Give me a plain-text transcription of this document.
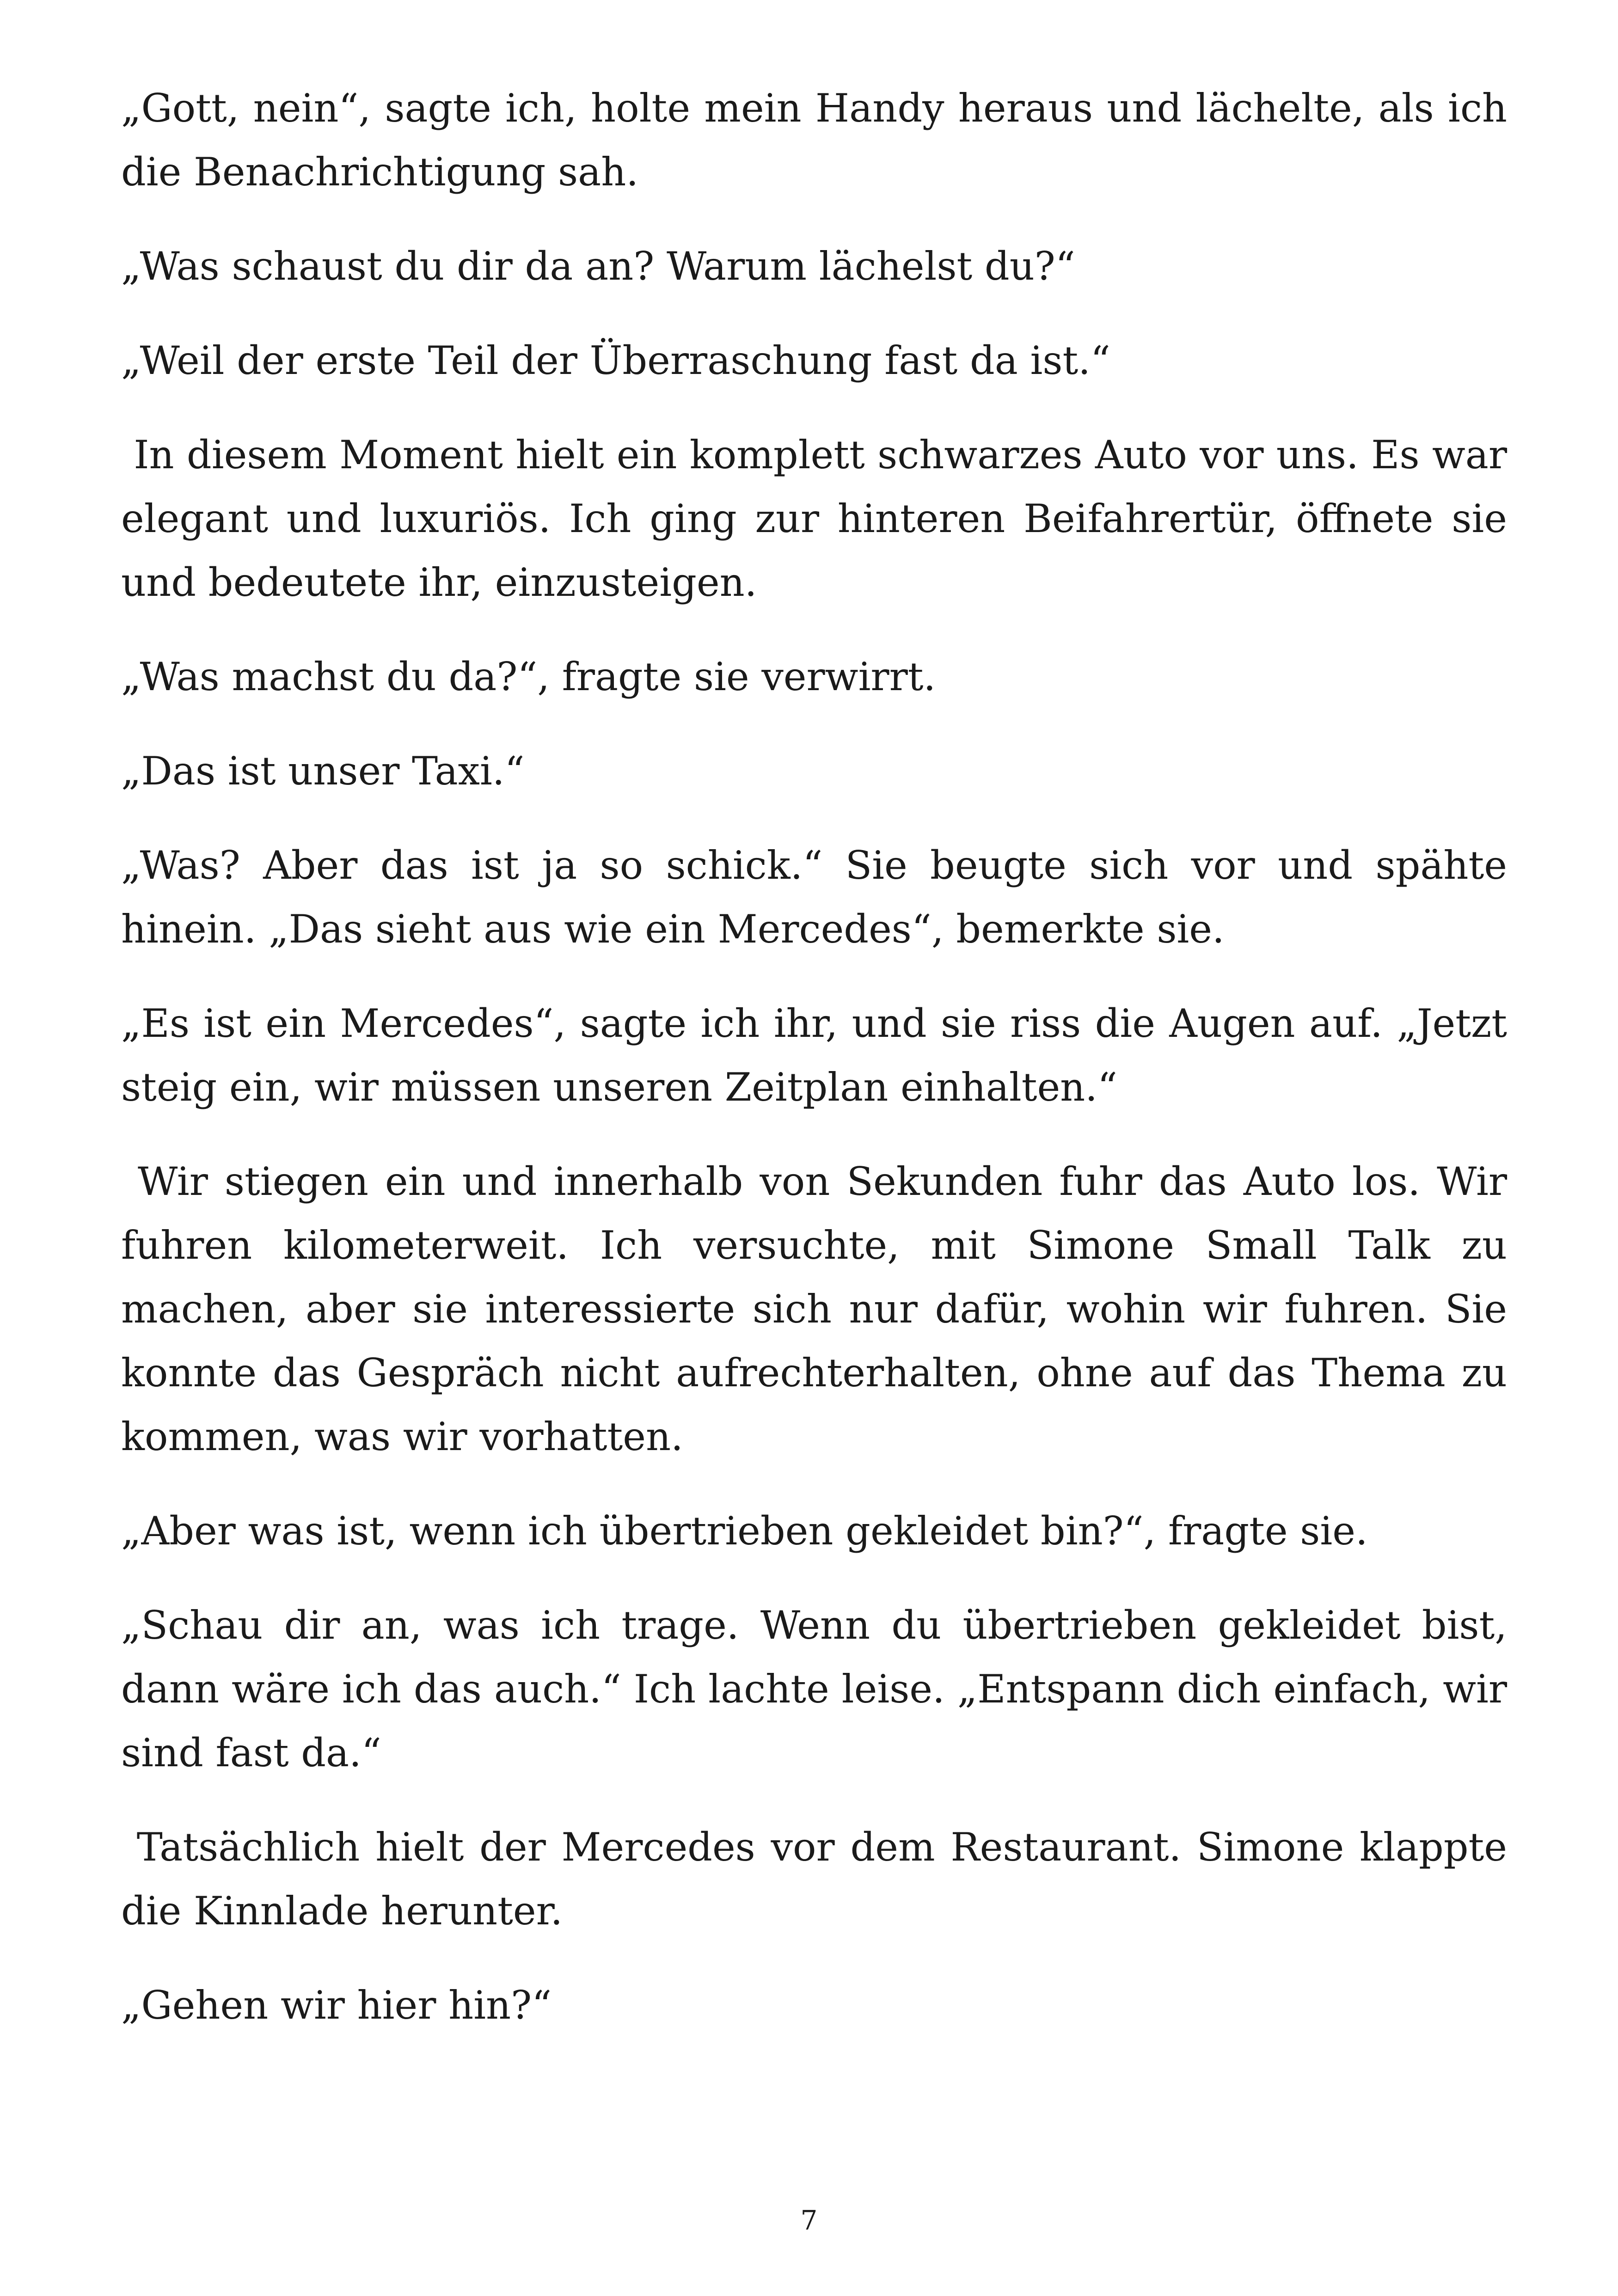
„Gott, nein“, sagte ich, holte mein Handy heraus und lächelte, als ich die Benachrichtigung sah.

„Was schaust du dir da an? Warum lächelst du?“

„Weil der erste Teil der Überraschung fast da ist.“

In diesem Moment hielt ein komplett schwarzes Auto vor uns. Es war elegant und luxuriös. Ich ging zur hinteren Beifahrertür, öffnete sie und bedeutete ihr, einzusteigen.

„Was machst du da?“, fragte sie verwirrt.

„Das ist unser Taxi.“

„Was? Aber das ist ja so schick.“ Sie beugte sich vor und spähte hinein. „Das sieht aus wie ein Mercedes“, bemerkte sie.

„Es ist ein Mercedes“, sagte ich ihr, und sie riss die Augen auf. „Jetzt steig ein, wir müssen unseren Zeitplan einhalten.“

Wir stiegen ein und innerhalb von Sekunden fuhr das Auto los. Wir fuhren kilometerweit. Ich versuchte, mit Simone Small Talk zu machen, aber sie interessierte sich nur dafür, wohin wir fuhren. Sie konnte das Gespräch nicht aufrechterhalten, ohne auf das Thema zu kommen, was wir vorhatten.

„Aber was ist, wenn ich übertrieben gekleidet bin?“, fragte sie.

„Schau dir an, was ich trage. Wenn du übertrieben gekleidet bist, dann wäre ich das auch.“ Ich lachte leise. „Entspann dich einfach, wir sind fast da.“

Tatsächlich hielt der Mercedes vor dem Restaurant. Simone klappte die Kinnlade herunter.

„Gehen wir hier hin?“

7
